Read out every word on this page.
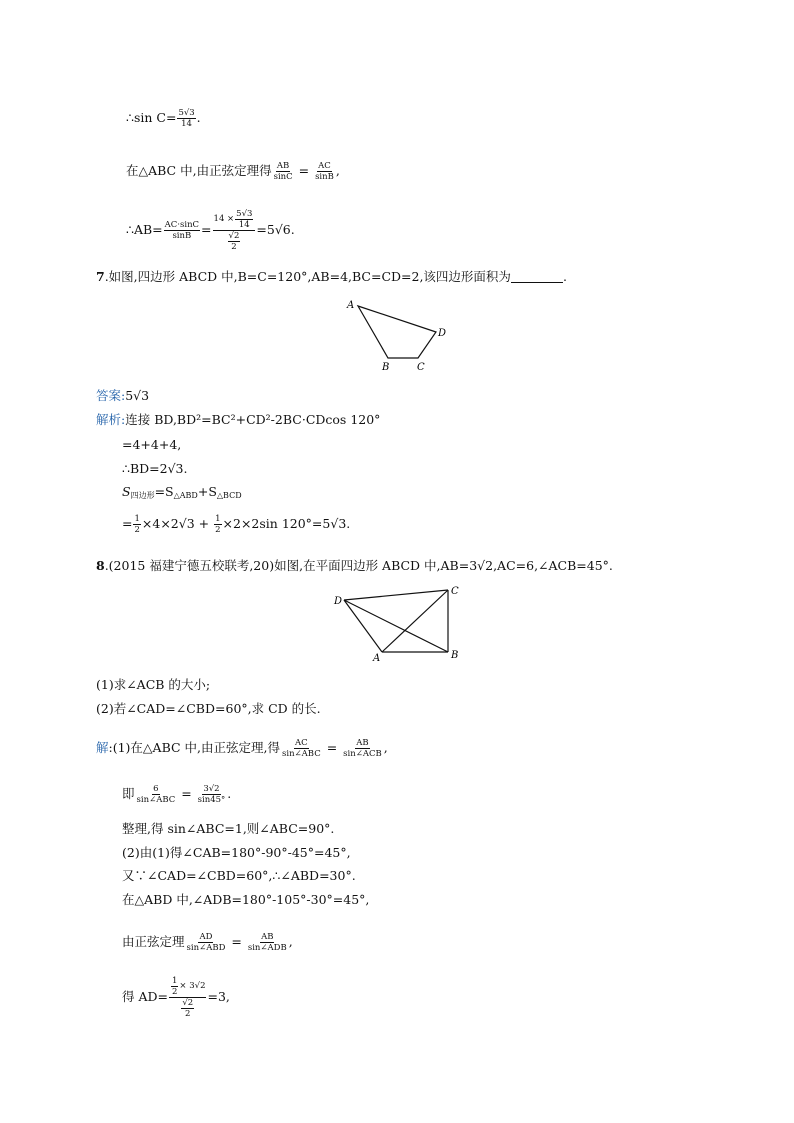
∴sin $C= \frac{5√3}{14}$ .
在△ABC 中,由正弦定理得 $\frac{AB}{\sin C} = \frac{AC}{\sin B}$ ,
∴AB= $\frac{AC\cdot\sin C}{\sin B} = \frac{14 \times \frac{5√3}{14}}{\frac{√2}{2}} =5√6$.
7.如图,四边形 ABCD 中,B=C=120°,AB=4,BC=CD=2,该四边形面积为	.
A
B	C
D
答案:5√3
解析:连接 BD,BD²=BC²+CD²-2BC·CDcos 120°
=4+4+4,
∴BD=2√3.
$S_{四边形}=S_{\triangle ABD}+S_{\triangle BCD}$
= $\frac{1}{2} \times 4\times 2√3 + \frac{1}{2} \times 2\times 2\sin$ 120°=5√3.
8.(2015 福建宁德五校联考,20)如图,在平面四边形 ABCD 中,AB=3√2,AC=6,∠ACB=45°.
D
C
A	B
(1)求∠ACB 的大小;
(2)若∠CAD=∠CBD=60°,求 CD 的长.
解:(1)在△ABC 中,由正弦定理,得 AC
sin∠ABC = AB
sin∠ACB ,
即 6
sin∠ABC = $\frac{3√2}{\sin 45^\circ}$ .
整理,得 sin∠ABC=1,则∠ABC=90°.
(2)由(1)得∠CAB=180°-90°-45°=45°,
又∵∠CAD=∠CBD=60°,∴∠ABD=30°.
在△ABD 中,∠ADB=180°-105°-30°=45°,
由正弦定理 AD
sin∠ABD = AB
sin∠ADB ,
得 $AD= \frac{\frac{1}{2} \times 3√2}{\frac{√2}{2}} =3$,
